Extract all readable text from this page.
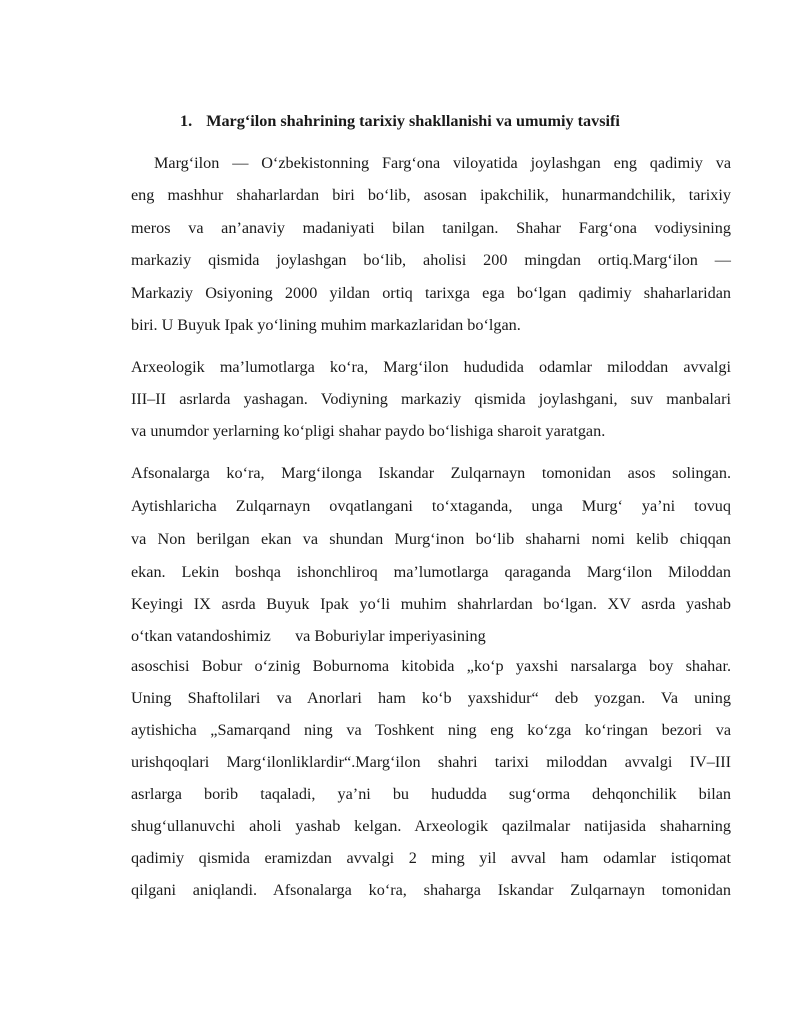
1. Marg‘ilon shahrining tarixiy shakllanishi va umumiy tavsifi
Marg‘ilon — O‘zbekistonning Farg‘ona viloyatida joylashgan eng qadimiy va
eng mashhur shaharlardan biri bo‘lib, asosan ipakchilik, hunarmandchilik, tarixiy
meros va an’anaviy madaniyati bilan tanilgan. Shahar Farg‘ona vodiysining
markaziy qismida joylashgan bo‘lib, aholisi 200 mingdan ortiq.Marg‘ilon —
Markaziy Osiyoning 2000 yildan ortiq tarixga ega bo‘lgan qadimiy shaharlaridan
biri. U Buyuk Ipak yo‘lining muhim markazlaridan bo‘lgan.
Arxeologik ma’lumotlarga ko‘ra, Marg‘ilon hududida odamlar miloddan avvalgi
III–II asrlarda yashagan. Vodiyning markaziy qismida joylashgani, suv manbalari
va unumdor yerlarning ko‘pligi shahar paydo bo‘lishiga sharoit yaratgan.
Afsonalarga ko‘ra, Marg‘ilonga Iskandar Zulqarnayn tomonidan asos solingan.
Aytishlaricha Zulqarnayn ovqatlangani to‘xtaganda, unga Murg‘ ya’ni tovuq
va Non berilgan ekan va shundan Murg‘inon bo‘lib shaharni nomi kelib chiqqan
ekan. Lekin boshqa ishonchliroq ma’lumotlarga qaraganda Marg‘ilon Miloddan
Keyingi IX asrda Buyuk Ipak yo‘li muhim shahrlardan bo‘lgan. XV asrda yashab
o‘tkan vatandoshimiz      va Boburiylar imperiyasining
asoschisi Bobur o‘zinig Boburnoma kitobida „ko‘p yaxshi narsalarga boy shahar.
Uning Shaftolilari va Anorlari ham ko‘b yaxshidur“ deb yozgan. Va uning
aytishicha „Samarqand ning va Toshkent ning eng ko‘zga ko‘ringan bezori va
urishqoqlari Marg‘ilonliklardir“.Marg‘ilon shahri tarixi miloddan avvalgi IV–III
asrlarga borib taqaladi, ya’ni bu hududda sug‘orma dehqonchilik bilan
shug‘ullanuvchi aholi yashab kelgan. Arxeologik qazilmalar natijasida shaharning
qadimiy qismida eramizdan avvalgi 2 ming yil avval ham odamlar istiqomat
qilgani aniqlandi. Afsonalarga ko‘ra, shaharga Iskandar Zulqarnayn tomonidan
